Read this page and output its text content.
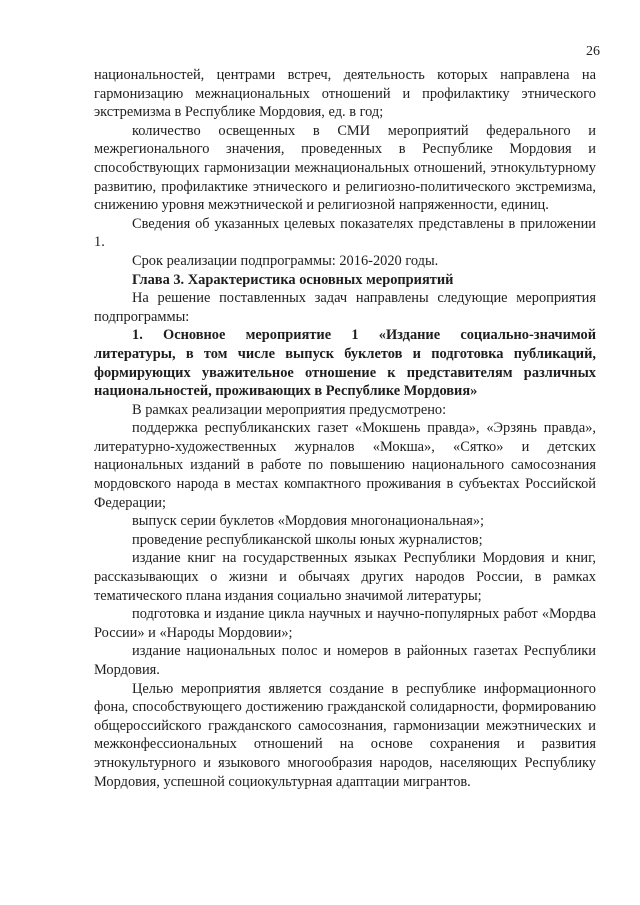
26

национальностей, центрами встреч, деятельность которых направлена на гармонизацию межнациональных отношений и профилактику этнического экстремизма в Республике Мордовия, ед. в год;

количество освещенных в СМИ мероприятий федерального и межрегионального значения, проведенных в Республике Мордовия и способствующих гармонизации межнациональных отношений, этнокультурному развитию, профилактике этнического и религиозно-политического экстремизма, снижению уровня межэтнической и религиозной напряженности, единиц.

Сведения об указанных целевых показателях представлены в приложении 1.

Срок реализации подпрограммы: 2016-2020 годы.

Глава 3. Характеристика основных мероприятий

На решение поставленных задач направлены следующие мероприятия подпрограммы:

1. Основное мероприятие 1 «Издание социально-значимой литературы, в том числе выпуск буклетов и подготовка публикаций, формирующих уважительное отношение к представителям различных национальностей, проживающих в Республике Мордовия»

В рамках реализации мероприятия предусмотрено:

поддержка республиканских газет «Мокшень правда», «Эрзянь правда», литературно-художественных журналов «Мокша», «Сятко» и детских национальных изданий в работе по повышению национального самосознания мордовского народа в местах компактного проживания в субъектах Российской Федерации;

выпуск серии буклетов «Мордовия многонациональная»;

проведение республиканской школы юных журналистов;

издание книг на государственных языках Республики Мордовия и книг, рассказывающих о жизни и обычаях других народов России, в рамках тематического плана издания социально значимой литературы;

подготовка и издание цикла научных и научно-популярных работ «Мордва России» и «Народы Мордовии»;

издание национальных полос и номеров в районных газетах Республики Мордовия.

Целью мероприятия является создание в республике информационного фона, способствующего достижению гражданской солидарности, формированию общероссийского гражданского самосознания, гармонизации межэтнических и межконфессиональных отношений на основе сохранения и развития этнокультурного и языкового многообразия народов, населяющих Республику Мордовия, успешной социокультурная адаптации мигрантов.
